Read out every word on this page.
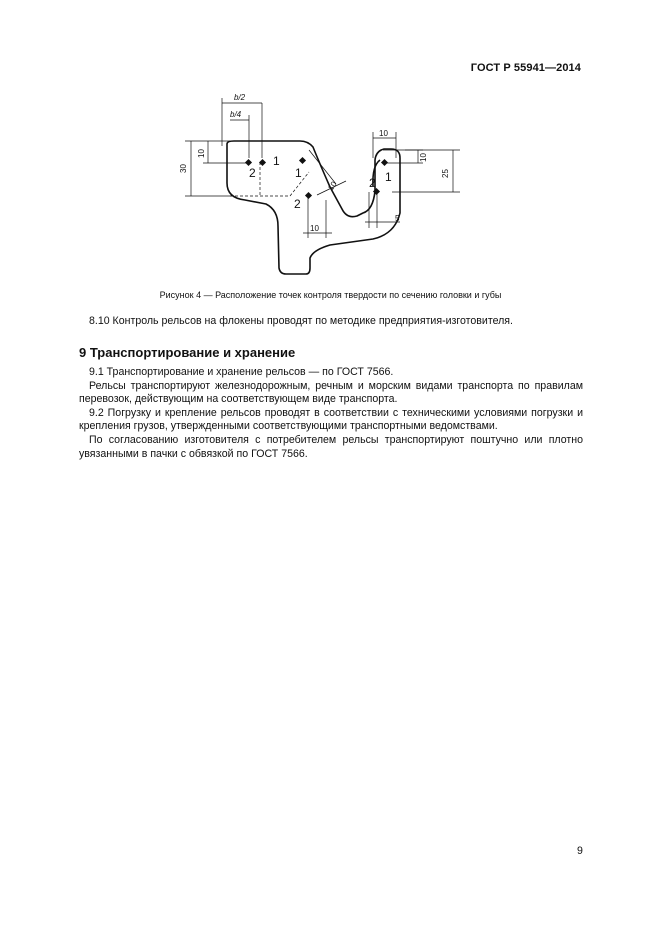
ГОСТ Р 55941—2014
b/2
b/4
30
10
10
10
10
10
25
5
1
2	1
2
1
2
Рисунок 4 — Расположение точек контроля твердости по сечению головки и губы
8.10 Контроль рельсов на флокены проводят по методике предприятия-изготовителя.
9 Транспортирование и хранение

9.1 Транспортирование и хранение рельсов — по ГОСТ 7566.

Рельсы транспортируют железнодорожным, речным и морским видами транспорта по правилам перевозок, действующим на соответствующем виде транспорта.

9.2 Погрузку и крепление рельсов проводят в соответствии с техническими условиями погрузки и крепления грузов, утвержденными соответствующими транспортными ведомствами.

По согласованию изготовителя с потребителем рельсы транспортируют поштучно или плотно увязанными в пачки с обвязкой по ГОСТ 7566.

9
